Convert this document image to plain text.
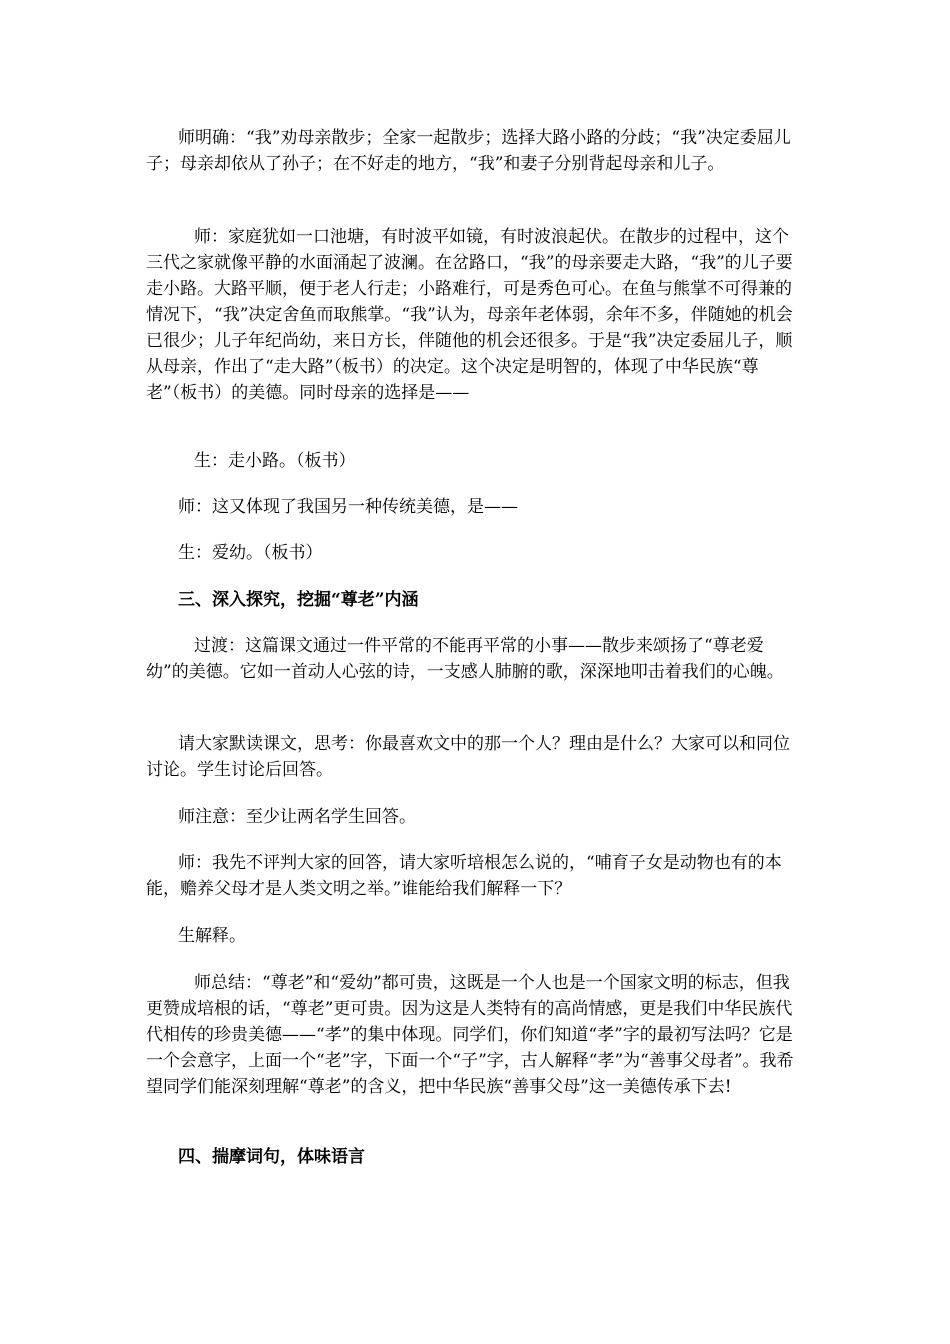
师明确：“我”劝母亲散步；全家一起散步；选择大路小路的分歧；“我”决定委屈儿子；母亲却依从了孙子；在不好走的地方，“我”和妻子分别背起母亲和儿子。

师：家庭犹如一口池塘，有时波平如镜，有时波浪起伏。在散步的过程中，这个三代之家就像平静的水面涌起了波澜。在岔路口，“我”的母亲要走大路，“我”的儿子要走小路。大路平顺，便于老人行走；小路难行，可是秀色可心。在鱼与熊掌不可得兼的情况下，“我”决定舍鱼而取熊掌。“我”认为，母亲年老体弱，余年不多，伴随她的机会已很少；儿子年纪尚幼，来日方长，伴随他的机会还很多。于是“我”决定委屈儿子，顺从母亲，作出了“走大路”（板书）的决定。这个决定是明智的，体现了中华民族“尊老”（板书）的美德。同时母亲的选择是——

生：走小路。（板书）

师：这又体现了我国另一种传统美德，是——

生：爱幼。（板书）

三、深入探究，挖掘“尊老”内涵

过渡：这篇课文通过一件平常的不能再平常的小事——散步来颂扬了“尊老爱幼”的美德。它如一首动人心弦的诗，一支感人肺腑的歌，深深地叩击着我们的心魄。

请大家默读课文，思考：你最喜欢文中的那一个人？理由是什么？大家可以和同位讨论。学生讨论后回答。

师注意：至少让两名学生回答。

师：我先不评判大家的回答，请大家听培根怎么说的，“哺育子女是动物也有的本能，赡养父母才是人类文明之举。”谁能给我们解释一下？

生解释。

师总结：“尊老”和“爱幼”都可贵，这既是一个人也是一个国家文明的标志，但我更赞成培根的话，“尊老”更可贵。因为这是人类特有的高尚情感，更是我们中华民族代代相传的珍贵美德——“孝”的集中体现。同学们，你们知道“孝”字的最初写法吗？它是一个会意字，上面一个“老”字，下面一个“子”字，古人解释“孝”为“善事父母者”。我希望同学们能深刻理解“尊老”的含义，把中华民族“善事父母”这一美德传承下去!

四、揣摩词句，体味语言
